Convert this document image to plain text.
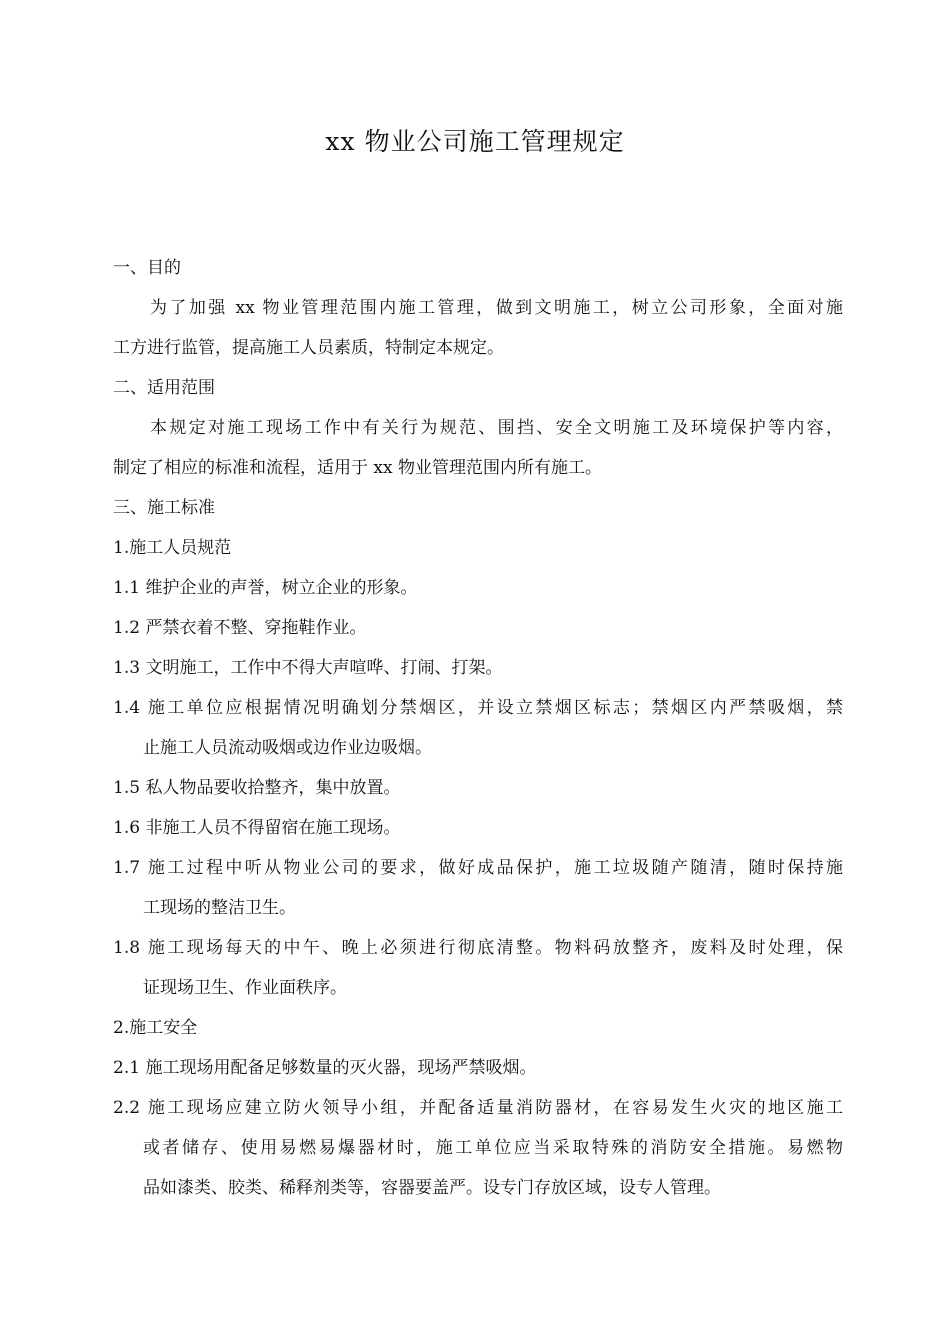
xx 物业公司施工管理规定
一、目的
为了加强 xx 物业管理范围内施工管理，做到文明施工，树立公司形象，全面对施
工方进行监管，提高施工人员素质，特制定本规定。
二、适用范围
本规定对施工现场工作中有关行为规范、围挡、安全文明施工及环境保护等内容，
制定了相应的标准和流程，适用于 xx 物业管理范围内所有施工。
三、施工标准
1.施工人员规范
1.1 维护企业的声誉，树立企业的形象。
1.2 严禁衣着不整、穿拖鞋作业。
1.3 文明施工，工作中不得大声喧哗、打闹、打架。
1.4 施工单位应根据情况明确划分禁烟区，并设立禁烟区标志；禁烟区内严禁吸烟，禁
止施工人员流动吸烟或边作业边吸烟。
1.5 私人物品要收拾整齐，集中放置。
1.6 非施工人员不得留宿在施工现场。
1.7 施工过程中听从物业公司的要求，做好成品保护，施工垃圾随产随清，随时保持施
工现场的整洁卫生。
1.8 施工现场每天的中午、晚上必须进行彻底清整。物料码放整齐，废料及时处理，保
证现场卫生、作业面秩序。
2.施工安全
2.1 施工现场用配备足够数量的灭火器，现场严禁吸烟。
2.2 施工现场应建立防火领导小组，并配备适量消防器材，在容易发生火灾的地区施工
或者储存、使用易燃易爆器材时，施工单位应当采取特殊的消防安全措施。易燃物
品如漆类、胶类、稀释剂类等，容器要盖严。设专门存放区域，设专人管理。
